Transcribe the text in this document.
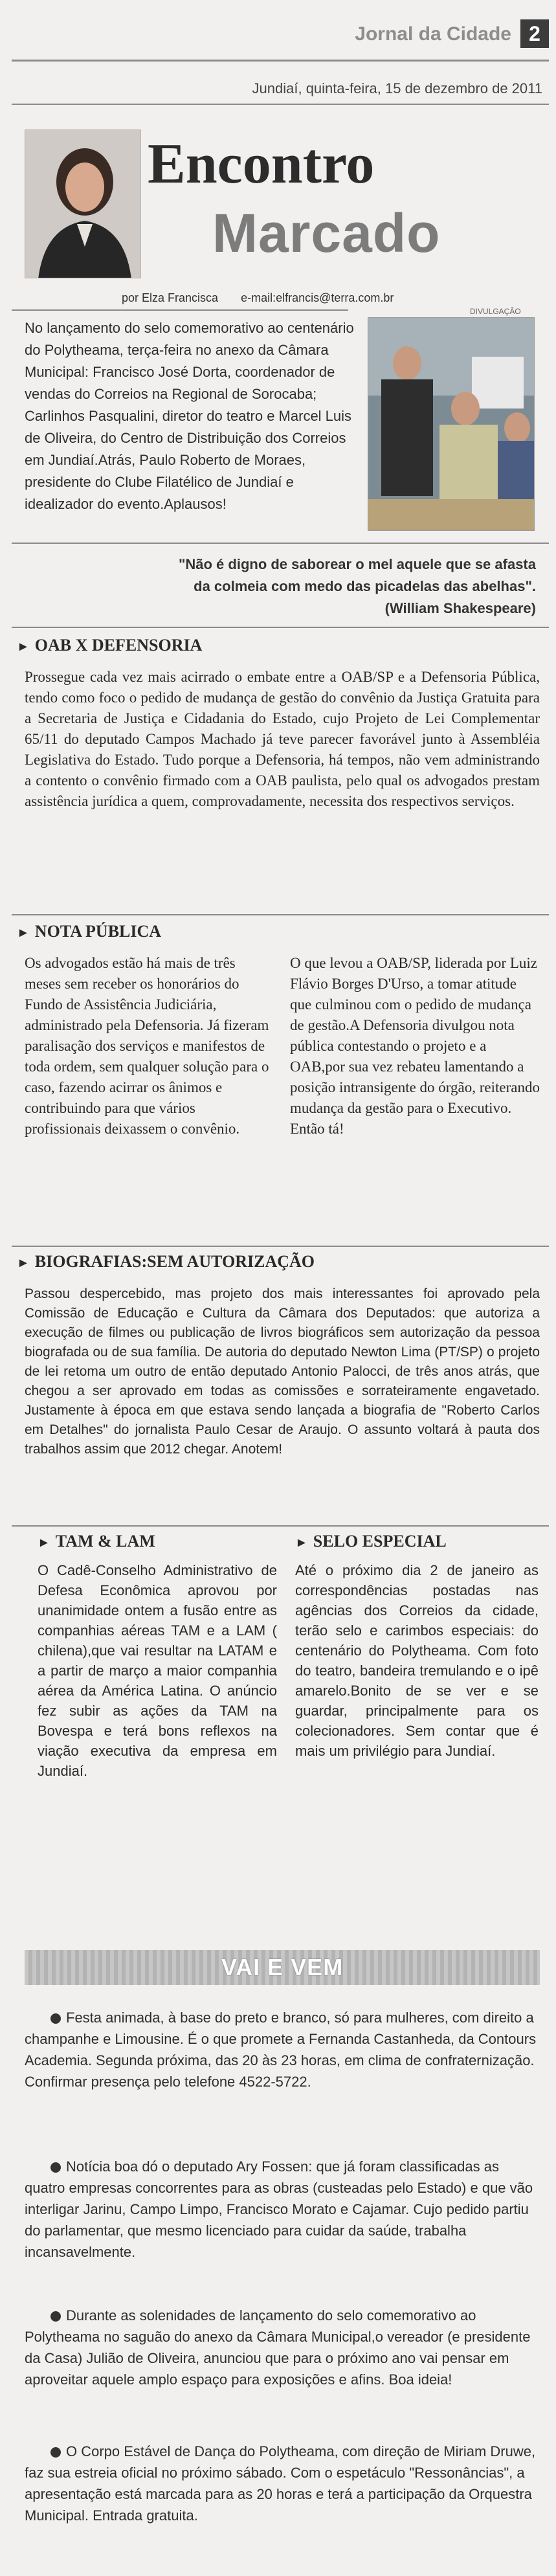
Jornal da Cidade 2
Jundiaí, quinta-feira, 15 de dezembro de 2011
Encontro
Marcado
por Elza Francisca e-mail:elfrancis@terra.com.br

No lançamento do selo comemorativo ao centenário do Polytheama, terça-feira no anexo da Câmara Municipal: Francisco José Dorta, coordenador de vendas do Correios na Regional de Sorocaba; Carlinhos Pasqualini, diretor do teatro e Marcel Luis de Oliveira, do Centro de Distribuição dos Correios em Jundiaí.Atrás, Paulo Roberto de Moraes, presidente do Clube Filatélico de Jundiaí e idealizador do evento.Aplausos!

DIVULGAÇÃO

"Não é digno de saborear o mel aquele que se afasta da colmeia com medo das picadelas das abelhas". (William Shakespeare)

► OAB X DEFENSORIA

Prossegue cada vez mais acirrado o embate entre a OAB/SP e a Defensoria Pública, tendo como foco o pedido de mudança de gestão do convênio da Justiça Gratuita para a Secretaria de Justiça e Cidadania do Estado, cujo Projeto de Lei Complementar 65/11 do deputado Campos Machado já teve parecer favorável junto à Assembléia Legislativa do Estado. Tudo porque a Defensoria, há tempos, não vem administrando a contento o convênio firmado com a OAB paulista, pelo qual os advogados prestam assistência jurídica a quem, comprovadamente, necessita dos respectivos serviços.

► NOTA PÚBLICA

Os advogados estão há mais de três meses sem receber os honorários do Fundo de Assistência Judiciária, administrado pela Defensoria. Já fizeram paralisação dos serviços e manifestos de toda ordem, sem qualquer solução para o caso, fazendo acirrar os ânimos e contribuindo para que vários profissionais deixassem o convênio.

O que levou a OAB/SP, liderada por Luiz Flávio Borges D'Urso, a tomar atitude que culminou com o pedido de mudança de gestão.A Defensoria divulgou nota pública contestando o projeto e a OAB,por sua vez rebateu lamentando a posição intransigente do órgão, reiterando mudança da gestão para o Executivo. Então tá!

► BIOGRAFIAS:SEM AUTORIZAÇÃO

Passou despercebido, mas projeto dos mais interessantes foi aprovado pela Comissão de Educação e Cultura da Câmara dos Deputados: que autoriza a execução de filmes ou publicação de livros biográficos sem autorização da pessoa biografada ou de sua família. De autoria do deputado Newton Lima (PT/SP) o projeto de lei retoma um outro de então deputado Antonio Palocci, de três anos atrás, que chegou a ser aprovado em todas as comissões e sorrateiramente engavetado. Justamente à época em que estava sendo lançada a biografia de "Roberto Carlos em Detalhes" do jornalista Paulo Cesar de Araujo. O assunto voltará à pauta dos trabalhos assim que 2012 chegar. Anotem!

► TAM & LAM

O Cadê-Conselho Administrativo de Defesa Econômica aprovou por unanimidade ontem a fusão entre as companhias aéreas TAM e a LAM ( chilena),que vai resultar na LATAM e a partir de março a maior companhia aérea da América Latina. O anúncio fez subir as ações da TAM na Bovespa e terá bons reflexos na viação executiva da empresa em Jundiaí.

► SELO ESPECIAL

Até o próximo dia 2 de janeiro as correspondências postadas nas agências dos Correios da cidade, terão selo e carimbos especiais: do centenário do Polytheama. Com foto do teatro, bandeira tremulando e o ipê amarelo.Bonito de se ver e se guardar, principalmente para os colecionadores. Sem contar que é mais um privilégio para Jundiaí.

VAI E VEM

Festa animada, à base do preto e branco, só para mulheres, com direito a champanhe e Limousine. É o que promete a Fernanda Castanheda, da Contours Academia. Segunda próxima, das 20 às 23 horas, em clima de confraternização. Confirmar presença pelo telefone 4522-5722.

Notícia boa dó o deputado Ary Fossen: que já foram classificadas as quatro empresas concorrentes para as obras (custeadas pelo Estado) e que vão interligar Jarinu, Campo Limpo, Francisco Morato e Cajamar. Cujo pedido partiu do parlamentar, que mesmo licenciado para cuidar da saúde, trabalha incansavelmente.

Durante as solenidades de lançamento do selo comemorativo ao Polytheama no saguão do anexo da Câmara Municipal,o vereador (e presidente da Casa) Julião de Oliveira, anunciou que para o próximo ano vai pensar em aproveitar aquele amplo espaço para exposições e afins. Boa ideia!

O Corpo Estável de Dança do Polytheama, com direção de Miriam Druwe, faz sua estreia oficial no próximo sábado. Com o espetáculo "Ressonâncias", a apresentação está marcada para as 20 horas e terá a participação da Orquestra Municipal. Entrada gratuita.
